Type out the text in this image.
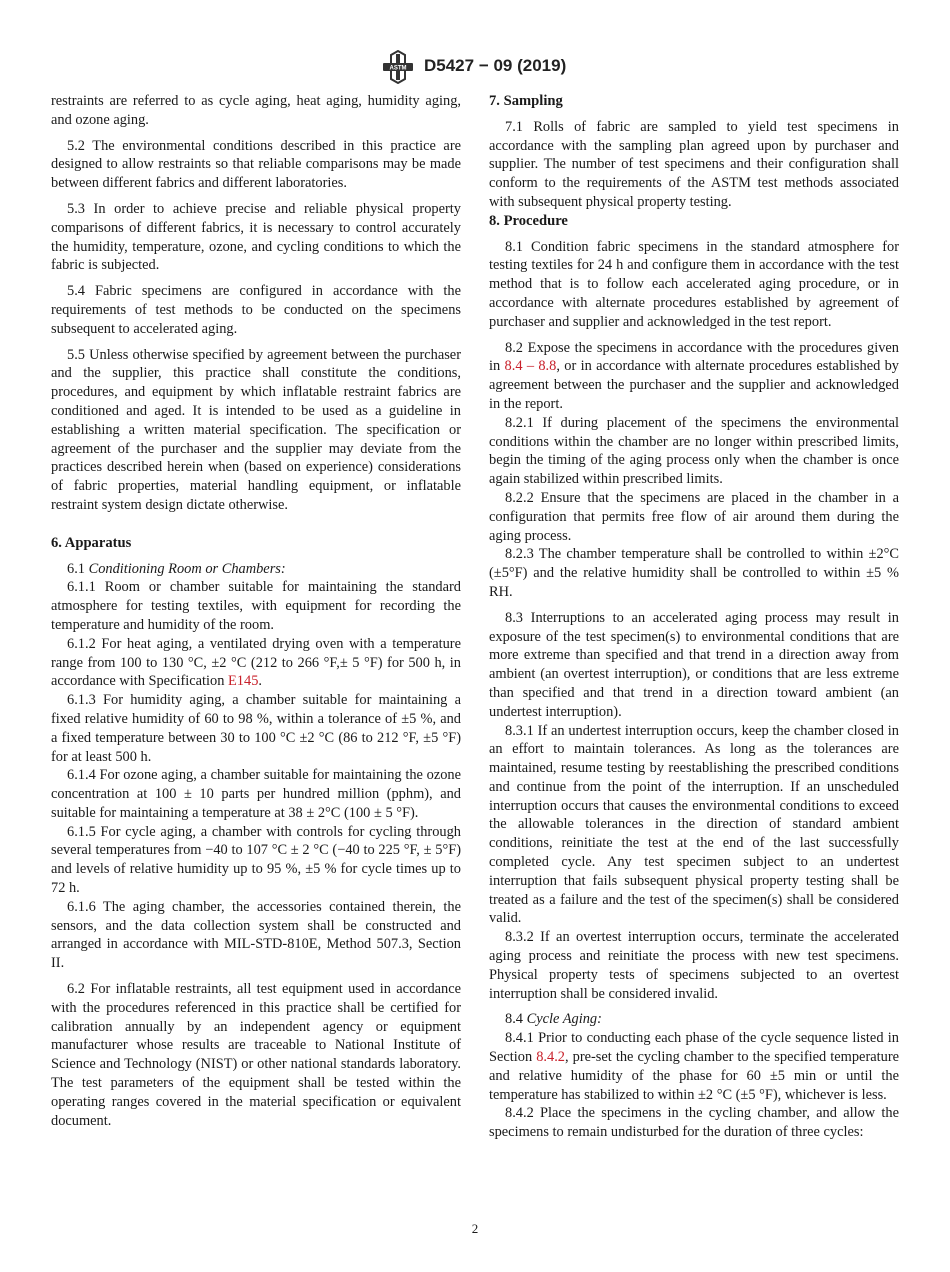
ASTM D5427 − 09 (2019)

restraints are referred to as cycle aging, heat aging, humidity aging, and ozone aging.

5.2 The environmental conditions described in this practice are designed to allow restraints so that reliable comparisons may be made between different fabrics and different laboratories.

5.3 In order to achieve precise and reliable physical property comparisons of different fabrics, it is necessary to control accurately the humidity, temperature, ozone, and cycling conditions to which the fabric is subjected.

5.4 Fabric specimens are configured in accordance with the requirements of test methods to be conducted on the specimens subsequent to accelerated aging.

5.5 Unless otherwise specified by agreement between the purchaser and the supplier, this practice shall constitute the conditions, procedures, and equipment by which inflatable restraint fabrics are conditioned and aged. It is intended to be used as a guideline in establishing a written material specification. The specification or agreement of the purchaser and the supplier may deviate from the practices described herein when (based on experience) considerations of fabric properties, material handling equipment, or inflatable restraint system design dictate otherwise.

6. Apparatus

6.1 Conditioning Room or Chambers:

6.1.1 Room or chamber suitable for maintaining the standard atmosphere for testing textiles, with equipment for recording the temperature and humidity of the room.

6.1.2 For heat aging, a ventilated drying oven with a temperature range from 100 to 130 °C, ±2 °C (212 to 266 °F,± 5 °F) for 500 h, in accordance with Specification E145.

6.1.3 For humidity aging, a chamber suitable for maintaining a fixed relative humidity of 60 to 98 %, within a tolerance of ±5 %, and a fixed temperature between 30 to 100 °C ±2 °C (86 to 212 °F, ±5 °F) for at least 500 h.

6.1.4 For ozone aging, a chamber suitable for maintaining the ozone concentration at 100 ± 10 parts per hundred million (pphm), and suitable for maintaining a temperature at 38 ± 2°C (100 ± 5 °F).

6.1.5 For cycle aging, a chamber with controls for cycling through several temperatures from −40 to 107 °C ± 2 °C (−40 to 225 °F, ± 5°F) and levels of relative humidity up to 95 %, ±5 % for cycle times up to 72 h.

6.1.6 The aging chamber, the accessories contained therein, the sensors, and the data collection system shall be constructed and arranged in accordance with MIL-STD-810E, Method 507.3, Section II.

6.2 For inflatable restraints, all test equipment used in accordance with the procedures referenced in this practice shall be certified for calibration annually by an independent agency or equipment manufacturer whose results are traceable to National Institute of Science and Technology (NIST) or other national standards laboratory. The test parameters of the equipment shall be tested within the operating ranges covered in the material specification or equivalent document.

7. Sampling

7.1 Rolls of fabric are sampled to yield test specimens in accordance with the sampling plan agreed upon by purchaser and supplier. The number of test specimens and their configuration shall conform to the requirements of the ASTM test methods associated with subsequent physical property testing.

8. Procedure

8.1 Condition fabric specimens in the standard atmosphere for testing textiles for 24 h and configure them in accordance with the test method that is to follow each accelerated aging procedure, or in accordance with alternate procedures established by agreement of purchaser and supplier and acknowledged in the test report.

8.2 Expose the specimens in accordance with the procedures given in 8.4 – 8.8, or in accordance with alternate procedures established by agreement between the purchaser and the supplier and acknowledged in the report.

8.2.1 If during placement of the specimens the environmental conditions within the chamber are no longer within prescribed limits, begin the timing of the aging process only when the chamber is once again stabilized within prescribed limits.

8.2.2 Ensure that the specimens are placed in the chamber in a configuration that permits free flow of air around them during the aging process.

8.2.3 The chamber temperature shall be controlled to within ±2°C (±5°F) and the relative humidity shall be controlled to within ±5 % RH.

8.3 Interruptions to an accelerated aging process may result in exposure of the test specimen(s) to environmental conditions that are more extreme than specified and that trend in a direction away from ambient (an overtest interruption), or conditions that are less extreme than specified and that trend in a direction toward ambient (an undertest interruption).

8.3.1 If an undertest interruption occurs, keep the chamber closed in an effort to maintain tolerances. As long as the tolerances are maintained, resume testing by reestablishing the prescribed conditions and continue from the point of the interruption. If an unscheduled interruption occurs that causes the environmental conditions to exceed the allowable tolerances in the direction of standard ambient conditions, reinitiate the test at the end of the last successfully completed cycle. Any test specimen subject to an undertest interruption that fails subsequent physical property testing shall be treated as a failure and the test of the specimen(s) shall be considered valid.

8.3.2 If an overtest interruption occurs, terminate the accelerated aging process and reinitiate the process with new test specimens. Physical property tests of specimens subjected to an overtest interruption shall be considered invalid.

8.4 Cycle Aging:

8.4.1 Prior to conducting each phase of the cycle sequence listed in Section 8.4.2, pre-set the cycling chamber to the specified temperature and relative humidity of the phase for 60 ±5 min or until the temperature has stabilized to within ±2 °C (±5 °F), whichever is less.

8.4.2 Place the specimens in the cycling chamber, and allow the specimens to remain undisturbed for the duration of three cycles:

2
